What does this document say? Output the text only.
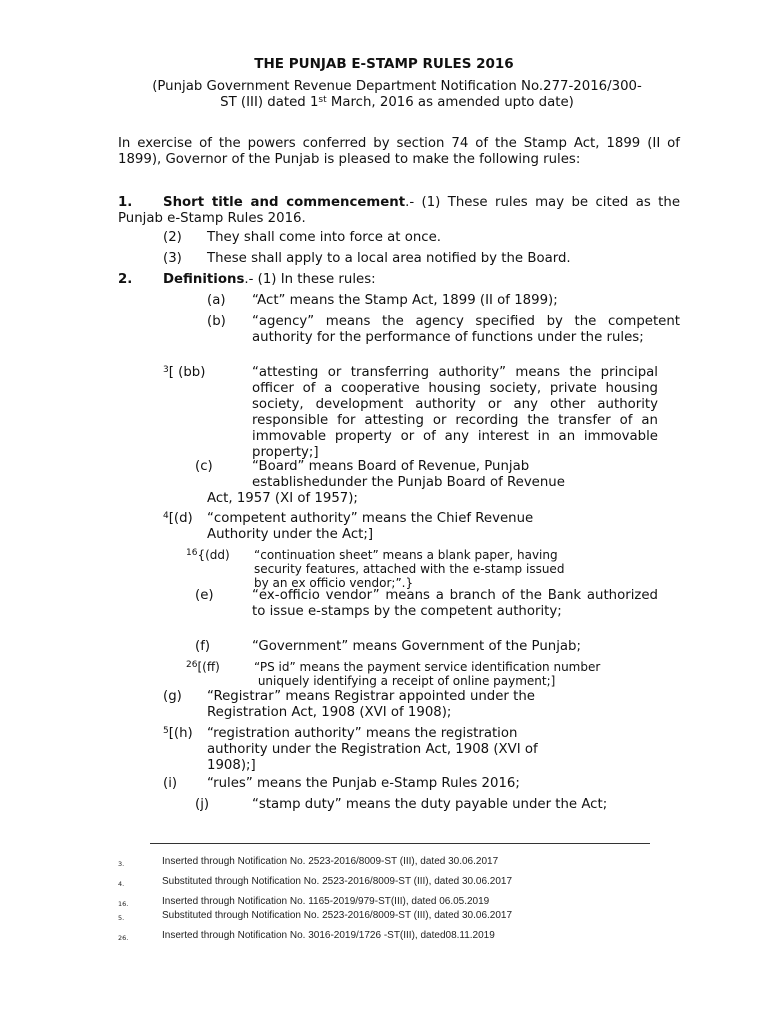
THE PUNJAB E-STAMP RULES 2016
(Punjab Government Revenue Department Notification No.277-2016/300-
ST (III) dated 1st March, 2016 as amended upto date)
In exercise of the powers conferred by section 74 of the Stamp Act, 1899 (II of 1899), Governor of the Punjab is pleased to make the following rules:
1.	Short title and commencement.- (1) These rules may be cited as the Punjab e-Stamp Rules 2016.
(2) They shall come into force at once.
(3) These shall apply to a local area notified by the Board.
2. Definitions.- (1) In these rules:
(a) “Act” means the Stamp Act, 1899 (II of 1899);
(b) “agency” means the agency specified by the competent authority for the performance of functions under the rules;
$^3$[ (bb)	“attesting or transferring authority” means the principal officer of a cooperative housing society, private housing society, development authority or any other authority responsible for attesting or recording the transfer of an immovable property or of any interest in an immovable property;]
(c)	“Board” means Board of Revenue, Punjab
establishedunder the Punjab Board of Revenue
Act, 1957 (XI of 1957);
$^4$[(d) “competent authority” means the Chief Revenue
Authority under the Act;]
$^{16}${(dd) “continuation sheet” means a blank paper, having
security features, attached with the e-stamp issued
by an ex officio vendor;”.}
(e)	“ex-officio vendor” means a branch of the Bank authorized to issue e-stamps by the competent authority;
(f)	“Government” means Government of the Punjab;
$^{26}$[(ff)	“PS id” means the payment service identification number
uniquely identifying a receipt of online payment;]
(g) “Registrar” means Registrar appointed under the
Registration Act, 1908 (XVI of 1908);
$^5$[(h) “registration authority” means the registration
authority under the Registration Act, 1908 (XVI of
1908);]
(i) “rules” means the Punjab e-Stamp Rules 2016;
(j)	“stamp duty” means the duty payable under the Act;
3.	Inserted through Notification No. 2523-2016/8009-ST (III), dated 30.06.2017
4.	Substituted through Notification No. 2523-2016/8009-ST (III), dated 30.06.2017
16.	Inserted through Notification No. 1165-2019/979-ST(III), dated 06.05.2019
5.	Substituted through Notification No. 2523-2016/8009-ST (III), dated 30.06.2017
26.	Inserted through Notification No. 3016-2019/1726 -ST(III), dated08.11.2019
